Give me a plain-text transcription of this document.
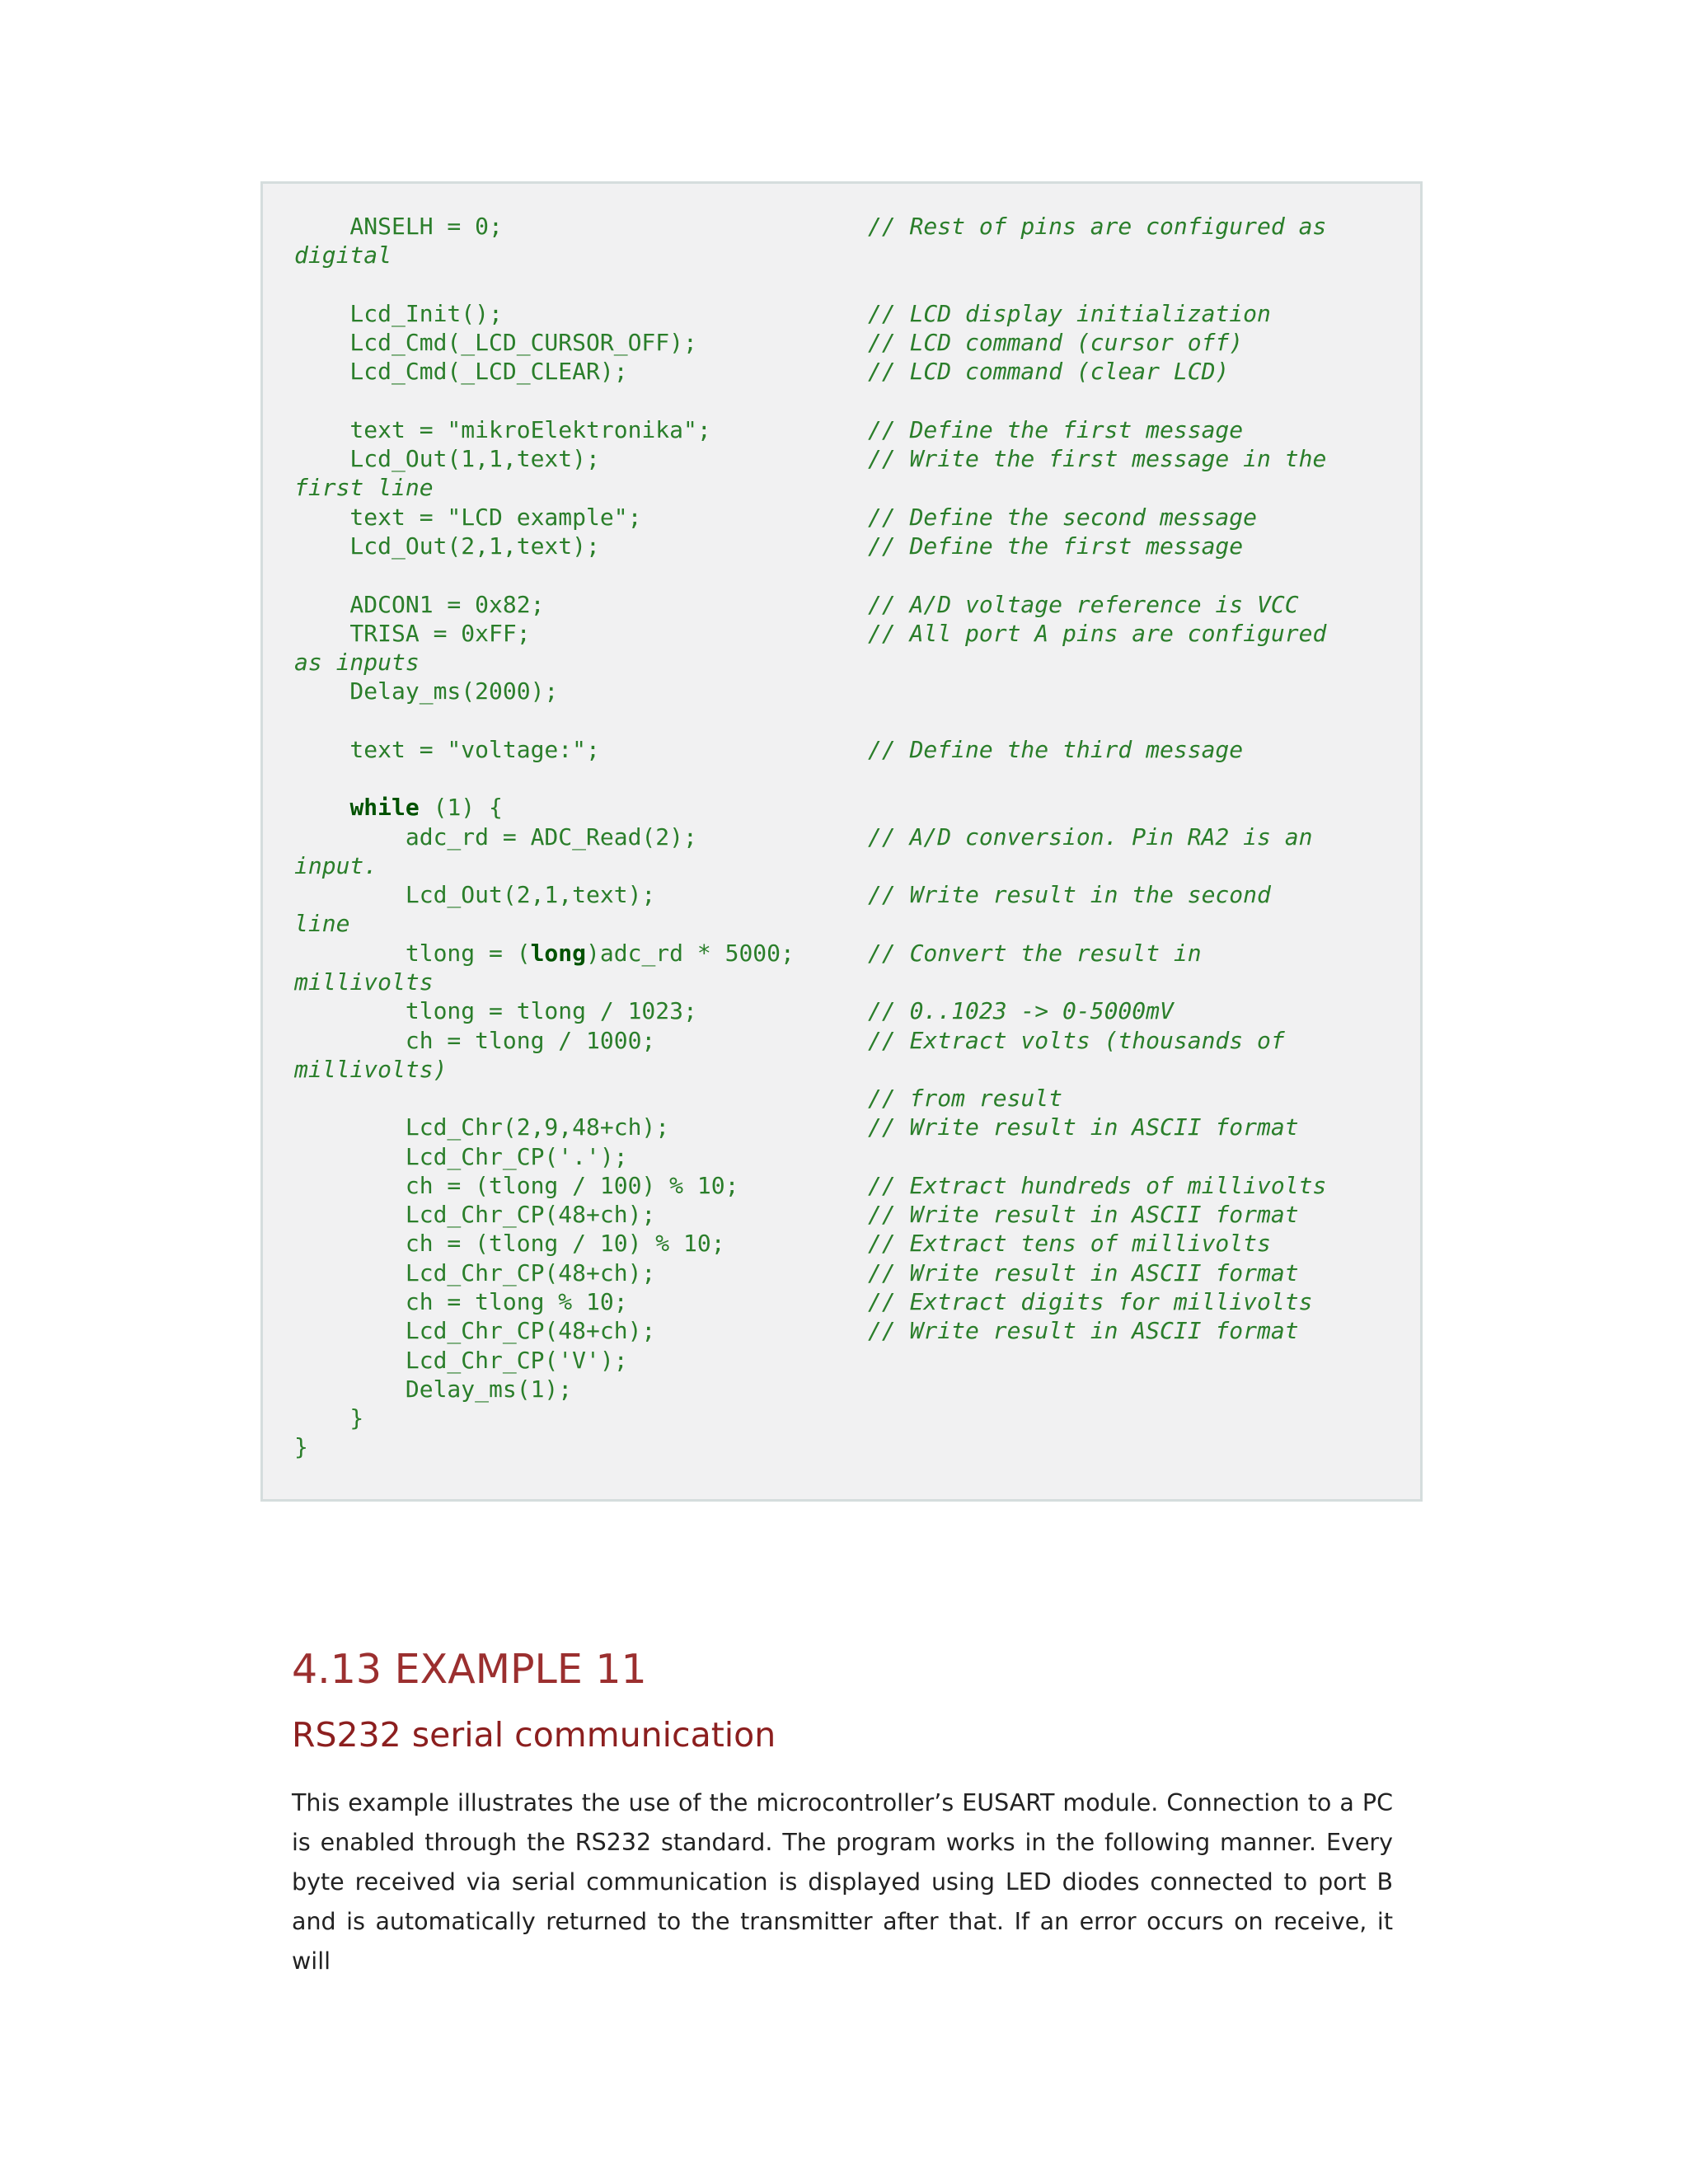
ANSELH = 0;	// Rest of pins are configured as
digital
Lcd_Init();	// LCD display initialization
Lcd_Cmd(_LCD_CURSOR_OFF);	// LCD command (cursor off)
Lcd_Cmd(_LCD_CLEAR);	// LCD command (clear LCD)
text = "mikroElektronika";	// Define the first message
Lcd_Out(1,1,text);	// Write the first message in the
first line
text = "LCD example";	// Define the second message
Lcd_Out(2,1,text);	// Define the first message
ADCON1 = 0x82;	// A/D voltage reference is VCC
TRISA = 0xFF;	// All port A pins are configured
as inputs
Delay_ms(2000);
text = "voltage:";	// Define the third message
while (1) {
adc_rd = ADC_Read(2);	// A/D conversion. Pin RA2 is an
input.
Lcd_Out(2,1,text);	// Write result in the second
line
tlong = (long)adc_rd * 5000;	// Convert the result in
millivolts
tlong = tlong / 1023;	// 0..1023 -> 0-5000mV
ch = tlong / 1000;	// Extract volts (thousands of
millivolts)
// from result
Lcd_Chr(2,9,48+ch);	// Write result in ASCII format
Lcd_Chr_CP('.');
ch = (tlong / 100) % 10;	// Extract hundreds of millivolts
Lcd_Chr_CP(48+ch);	// Write result in ASCII format
ch = (tlong / 10) % 10;	// Extract tens of millivolts
Lcd_Chr_CP(48+ch);	// Write result in ASCII format
ch = tlong % 10;	// Extract digits for millivolts
Lcd_Chr_CP(48+ch);	// Write result in ASCII format
Lcd_Chr_CP('V');
Delay_ms(1);
}
}
4.13 EXAMPLE 11
RS232 serial communication

This example illustrates the use of the microcontroller’s EUSART module. Connection to a PC is enabled through the RS232 standard. The program works in the following manner. Every byte received via serial communication is displayed using LED diodes connected to port B and is automatically returned to the transmitter after that. If an error occurs on receive, it will
